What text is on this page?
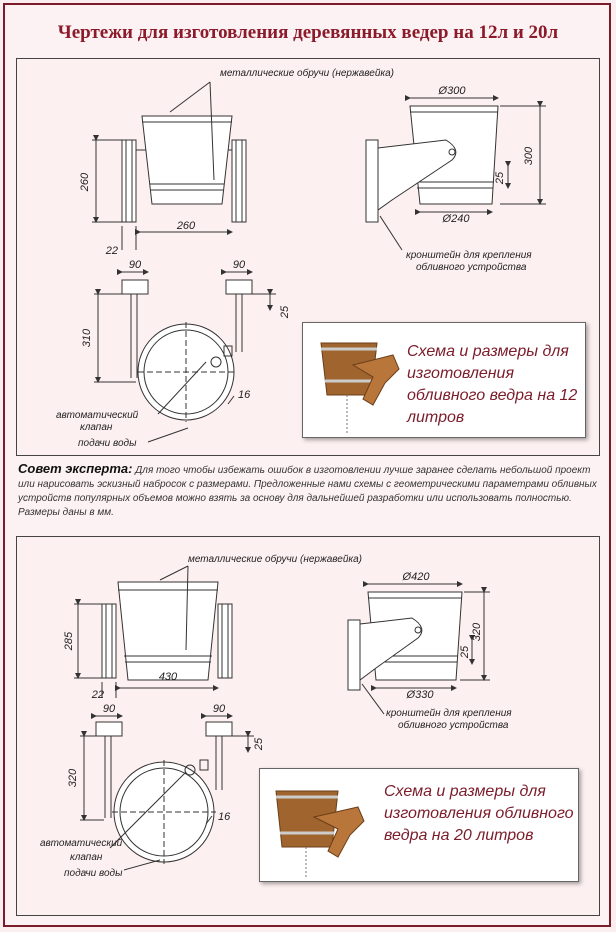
Чертежи для изготовления деревянных ведер на 12л и 20л
260
260
22
металлические обручи (нержавейка)
Ø300
300
25
Ø240
кронштейн для крепления
обливного устройства
90	90
25
310
16
автоматический
клапан
подачи воды
285
430
22
металлические обручи (нержавейка)
Ø420
320
25
Ø330
кронштейн для крепления
обливного устройства
90	90
25
320
16
автоматический
клапан
подачи воды
Совет эксперта: Для того чтобы избежать ошибок в изготовлении лучше заранее сделать небольшой проект или нарисовать эскизный набросок с размерами. Предложенные нами схемы с геометрическими параметрами обливных устройств популярных объемов можно взять за основу для дальнейшей разработки или использовать полностью. Размеры даны в мм.
Схема и размеры для изготовления обливного ведра на 12 литров
Схема и размеры для изготовления обливного ведра на 20 литров
